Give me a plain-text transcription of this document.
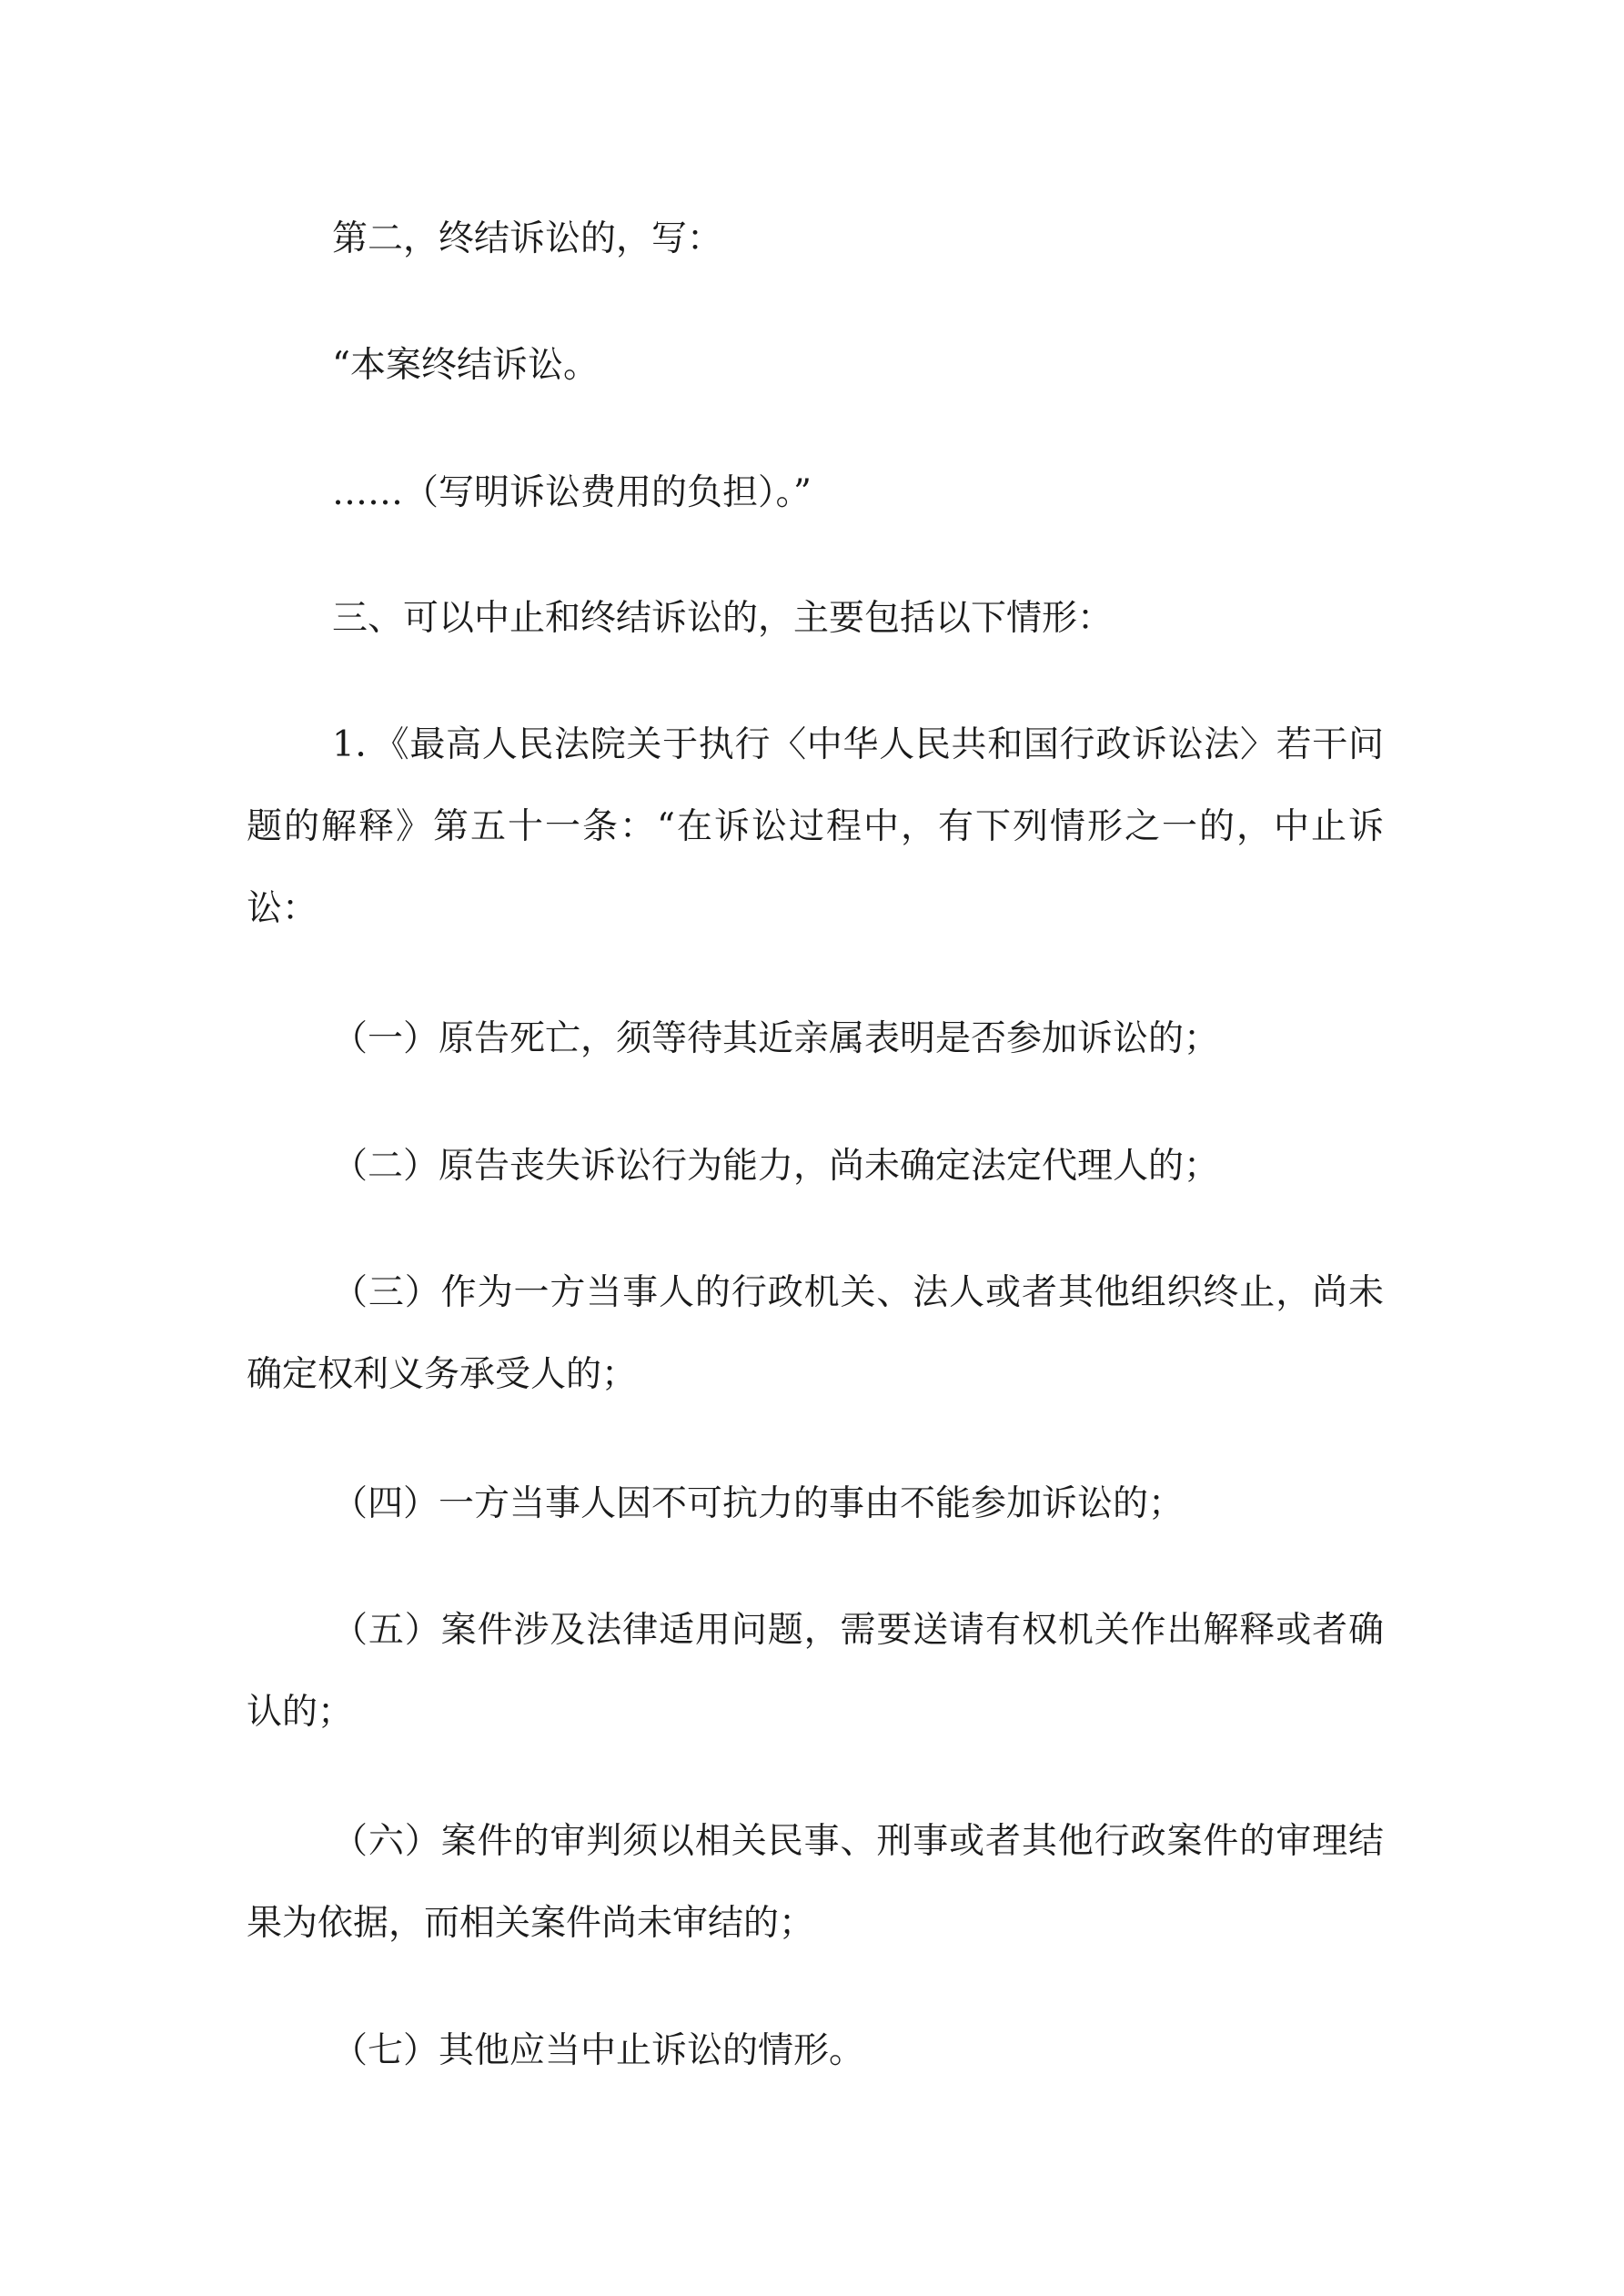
第二，终结诉讼的，写：

“本案终结诉讼。

……（写明诉讼费用的负担）。”

三、可以中止和终结诉讼的，主要包括以下情形：

1．《最高人民法院关于执行〈中华人民共和国行政诉讼法〉若干问题的解释》第五十一条：“在诉讼过程中，有下列情形之一的，中止诉讼：

（一）原告死亡，须等待其近亲属表明是否参加诉讼的；

（二）原告丧失诉讼行为能力，尚未确定法定代理人的；

（三）作为一方当事人的行政机关、法人或者其他组织终止，尚未确定权利义务承受人的；

（四）一方当事人因不可抗力的事由不能参加诉讼的；

（五）案件涉及法律适用问题，需要送请有权机关作出解释或者确认的；

（六）案件的审判须以相关民事、刑事或者其他行政案件的审理结果为依据，而相关案件尚未审结的；

（七）其他应当中止诉讼的情形。
